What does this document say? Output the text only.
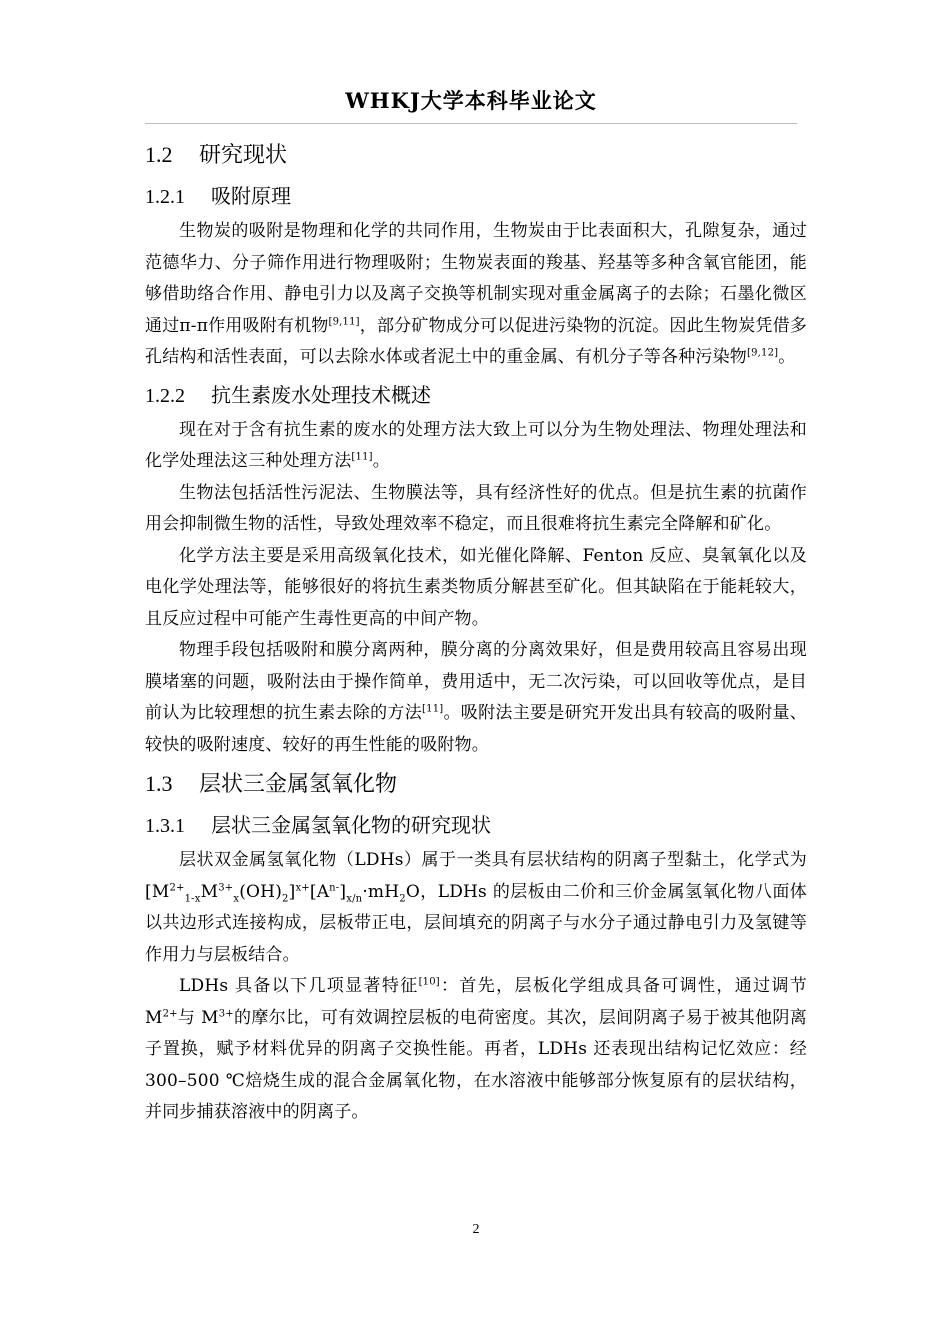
WHKJ大学本科毕业论文
1.2 研究现状
1.2.1 吸附原理

生物炭的吸附是物理和化学的共同作用，生物炭由于比表面积大，孔隙复杂，通过范德华力、分子筛作用进行物理吸附；生物炭表面的羧基、羟基等多种含氧官能团，能够借助络合作用、静电引力以及离子交换等机制实现对重金属离子的去除；石墨化微区通过π-π作用吸附有机物[9,11]，部分矿物成分可以促进污染物的沉淀。因此生物炭凭借多孔结构和活性表面，可以去除水体或者泥土中的重金属、有机分子等各种污染物[9,12]。

1.2.2 抗生素废水处理技术概述

现在对于含有抗生素的废水的处理方法大致上可以分为生物处理法、物理处理法和化学处理法这三种处理方法[11]。

生物法包括活性污泥法、生物膜法等，具有经济性好的优点。但是抗生素的抗菌作用会抑制微生物的活性，导致处理效率不稳定，而且很难将抗生素完全降解和矿化。

化学方法主要是采用高级氧化技术，如光催化降解、Fenton 反应、臭氧氧化以及电化学处理法等，能够很好的将抗生素类物质分解甚至矿化。但其缺陷在于能耗较大，且反应过程中可能产生毒性更高的中间产物。

物理手段包括吸附和膜分离两种，膜分离的分离效果好，但是费用较高且容易出现膜堵塞的问题，吸附法由于操作简单，费用适中，无二次污染，可以回收等优点，是目前认为比较理想的抗生素去除的方法[11]。吸附法主要是研究开发出具有较高的吸附量、较快的吸附速度、较好的再生性能的吸附物。

1.3 层状三金属氢氧化物
1.3.1 层状三金属氢氧化物的研究现状

层状双金属氢氧化物（LDHs）属于一类具有层状结构的阴离子型黏土，化学式为$[M^{2+}_{1-x}M^{3+}_x(OH)_2]^{x+}[A^{n-}]_{x/n}\cdot mH_2O$，LDHs 的层板由二价和三价金属氢氧化物八面体以共边形式连接构成，层板带正电，层间填充的阴离子与水分子通过静电引力及氢键等作用力与层板结合。

LDHs 具备以下几项显著特征[10]：首先，层板化学组成具备可调性，通过调节 $M^{2+}$与 $M^{3+}$的摩尔比，可有效调控层板的电荷密度。其次，层间阴离子易于被其他阴离子置换，赋予材料优异的阴离子交换性能。再者，LDHs 还表现出结构记忆效应：经 300–500 ℃焙烧生成的混合金属氧化物，在水溶液中能够部分恢复原有的层状结构，并同步捕获溶液中的阴离子。

2
